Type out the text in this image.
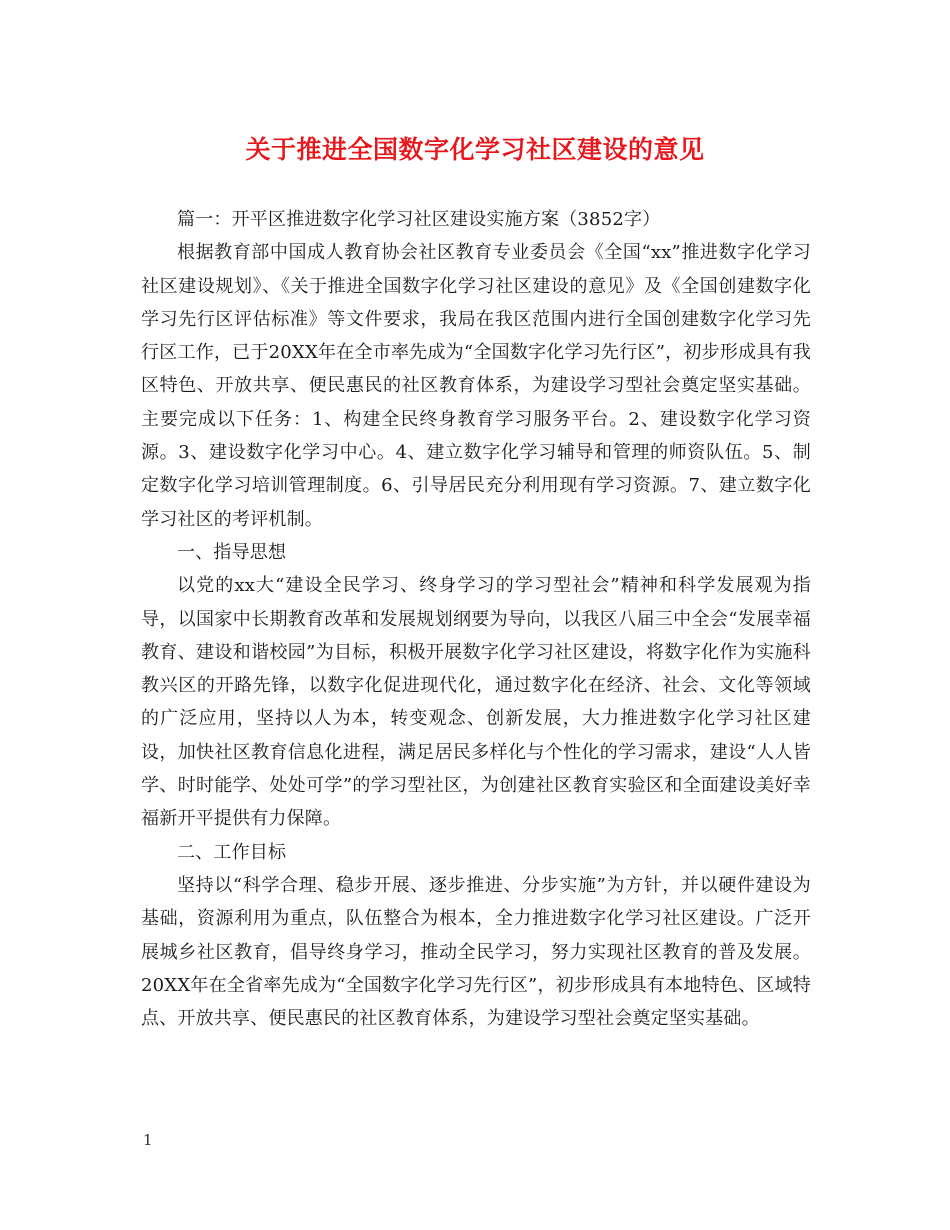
关于推进全国数字化学习社区建设的意见

篇一：开平区推进数字化学习社区建设实施方案（3852字）

根据教育部中国成人教育协会社区教育专业委员会《全国“xx”推进数字化学习社区建设规划》、《关于推进全国数字化学习社区建设的意见》及《全国创建数字化学习先行区评估标准》等文件要求，我局在我区范围内进行全国创建数字化学习先行区工作，已于20XX年在全市率先成为“全国数字化学习先行区”，初步形成具有我区特色、开放共享、便民惠民的社区教育体系，为建设学习型社会奠定坚实基础。主要完成以下任务：1、构建全民终身教育学习服务平台。2、建设数字化学习资源。3、建设数字化学习中心。4、建立数字化学习辅导和管理的师资队伍。5、制定数字化学习培训管理制度。6、引导居民充分利用现有学习资源。7、建立数字化学习社区的考评机制。

一、指导思想

以党的xx大“建设全民学习、终身学习的学习型社会”精神和科学发展观为指导，以国家中长期教育改革和发展规划纲要为导向，以我区八届三中全会“发展幸福教育、建设和谐校园”为目标，积极开展数字化学习社区建设，将数字化作为实施科教兴区的开路先锋，以数字化促进现代化，通过数字化在经济、社会、文化等领域的广泛应用，坚持以人为本，转变观念、创新发展，大力推进数字化学习社区建设，加快社区教育信息化进程，满足居民多样化与个性化的学习需求，建设“人人皆学、时时能学、处处可学”的学习型社区，为创建社区教育实验区和全面建设美好幸福新开平提供有力保障。

二、工作目标

坚持以“科学合理、稳步开展、逐步推进、分步实施”为方针，并以硬件建设为基础，资源利用为重点，队伍整合为根本，全力推进数字化学习社区建设。广泛开展城乡社区教育，倡导终身学习，推动全民学习，努力实现社区教育的普及发展。20XX年在全省率先成为“全国数字化学习先行区”，初步形成具有本地特色、区域特点、开放共享、便民惠民的社区教育体系，为建设学习型社会奠定坚实基础。

1
